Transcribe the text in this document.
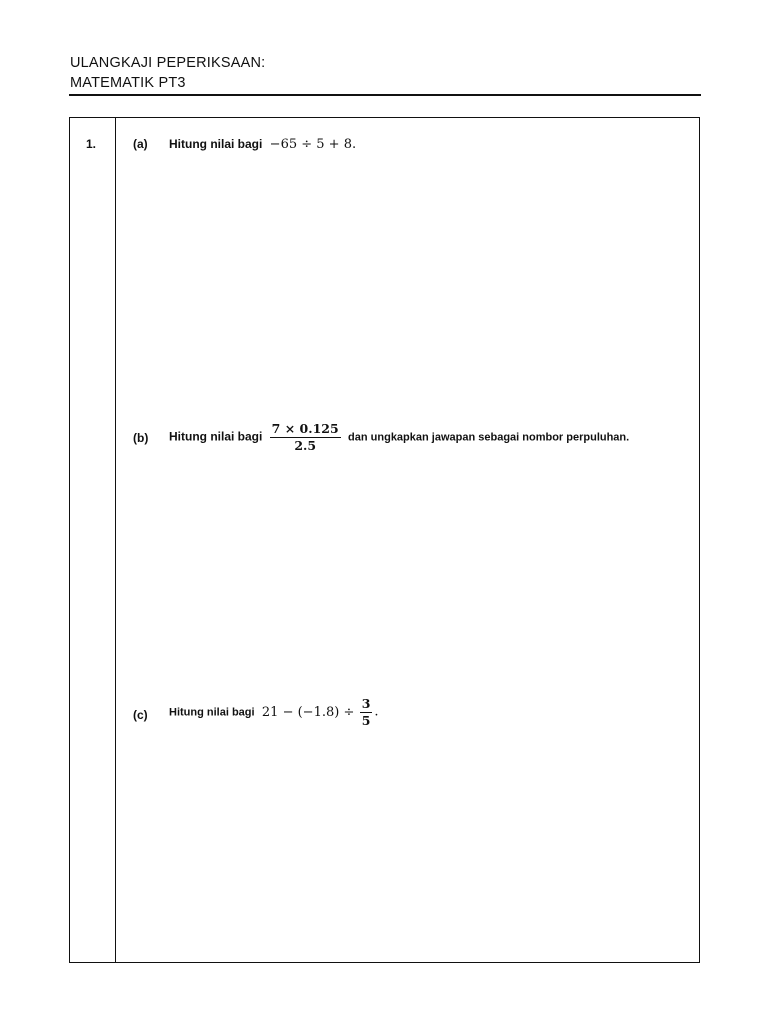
ULANGKAJI PEPERIKSAAN:
MATEMATIK PT3
1.	(a) Hitung nilai bagi −65 ÷ 5 + 8.
(b) Hitung nilai bagi $\frac{7 \times 0.125}{2.5}$ dan ungkapkan jawapan sebagai nombor perpuluhan.
(c) Hitung nilai bagi $21 - (-1.8) \div \frac{3}{5}$ .
